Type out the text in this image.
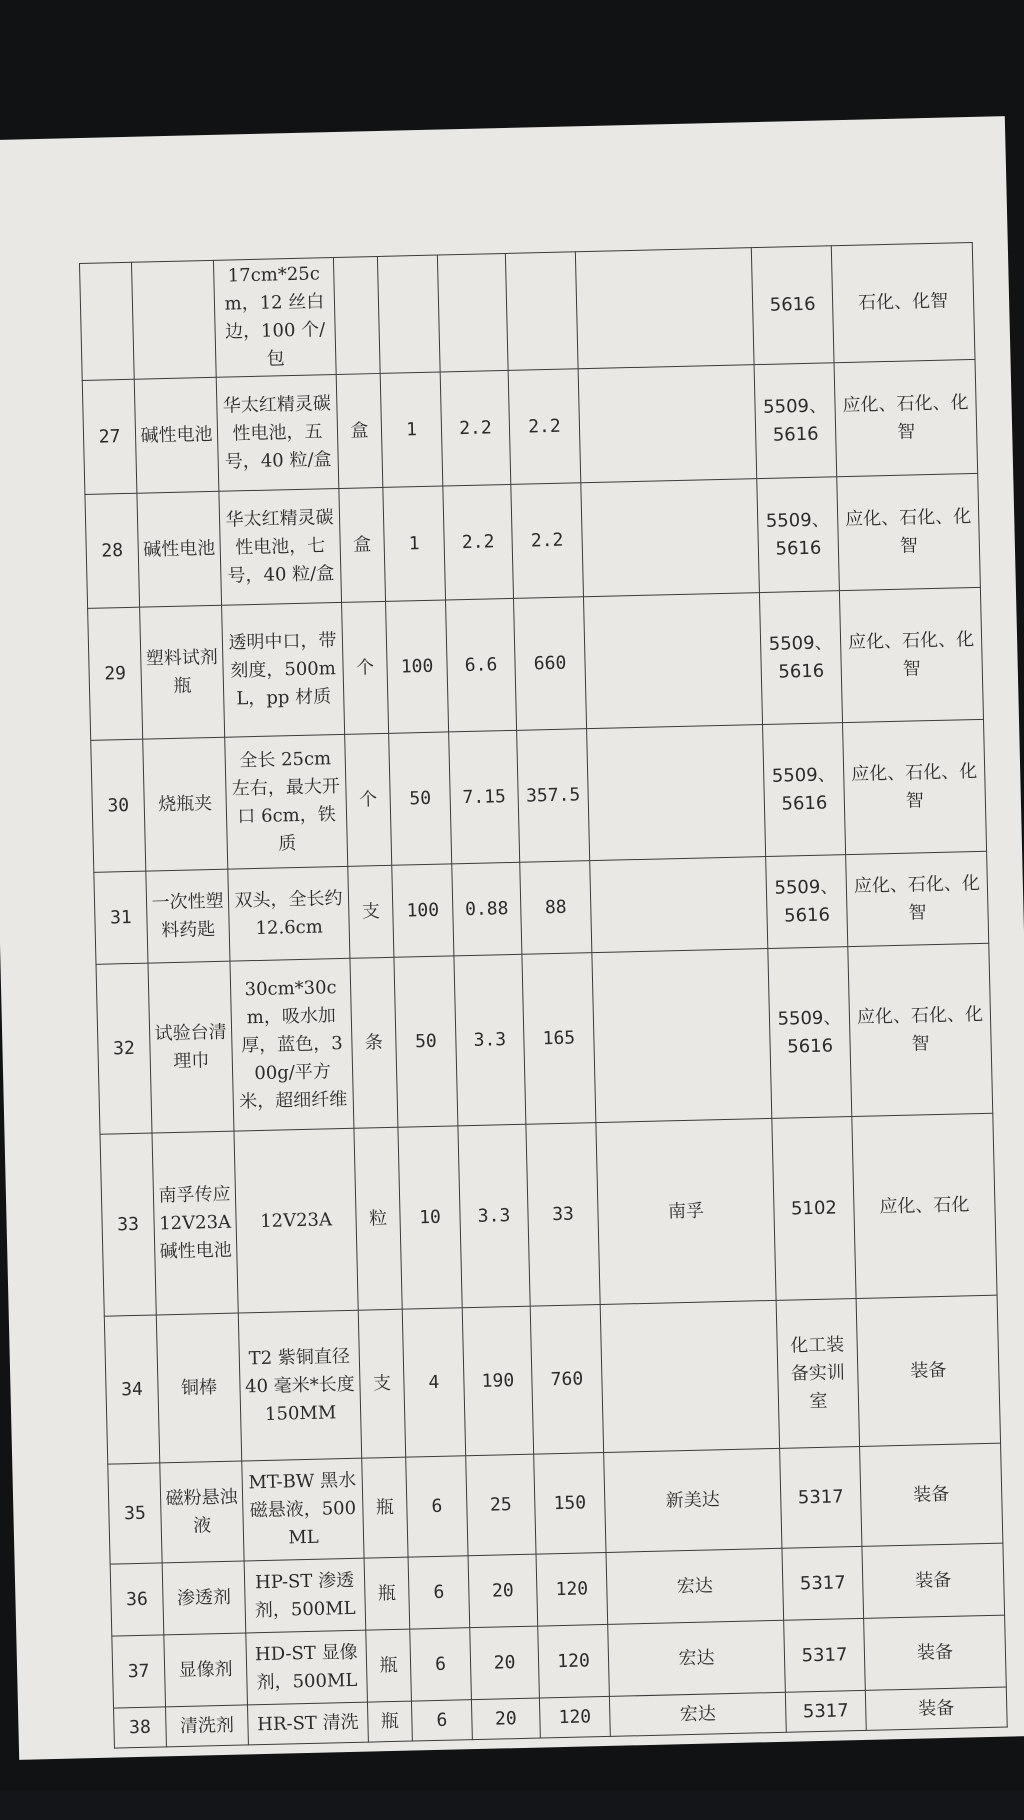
		17cm*25cm，12 丝白边，100 个/包						5616	石化、化智
27	碱性电池	华太红精灵碳性电池，五号，40 粒/盒	盒	1	2.2	2.2		5509、5616	应化、石化、化智
28	碱性电池	华太红精灵碳性电池，七号，40 粒/盒	盒	1	2.2	2.2		5509、5616	应化、石化、化智
29	塑料试剂瓶	透明中口，带刻度，500mL，pp 材质	个	100	6.6	660		5509、5616	应化、石化、化智
30	烧瓶夹	全长 25cm 左右，最大开口 6cm，铁质	个	50	7.15	357.5		5509、5616	应化、石化、化智
31	一次性塑料药匙	双头，全长约 12.6cm	支	100	0.88	88		5509、5616	应化、石化、化智
32	试验台清理巾	30cm*30cm，吸水加厚，蓝色，300g/平方米，超细纤维	条	50	3.3	165		5509、5616	应化、石化、化智
33	南孚传应 12V23A 碱性电池	12V23A	粒	10	3.3	33	南孚	5102	应化、石化
34	铜棒	T2 紫铜直径 40 毫米*长度 150MM	支	4	190	760		化工装备实训室	装备
35	磁粉悬浊液	MT-BW 黑水磁悬液，500ML	瓶	6	25	150	新美达	5317	装备
36	渗透剂	HP-ST 渗透剂，500ML	瓶	6	20	120	宏达	5317	装备
37	显像剂	HD-ST 显像剂，500ML	瓶	6	20	120	宏达	5317	装备
38	清洗剂	HR-ST 清洗	瓶	6	20	120	宏达	5317	装备
